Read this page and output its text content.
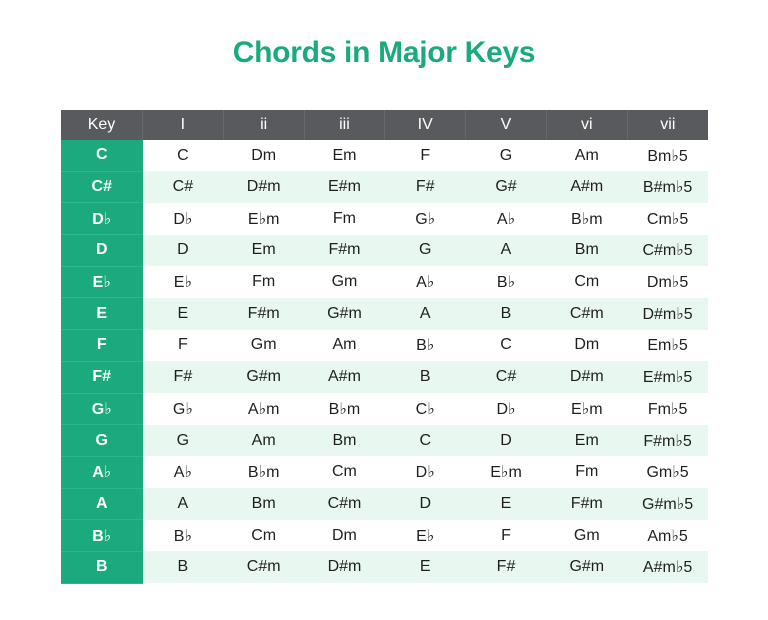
Chords in Major Keys
Key	I	ii	iii	IV	V	vi	vii
C	C	Dm	Em	F	G	Am	Bm♭5
C#	C#	D#m	E#m	F#	G#	A#m	B#m♭5
D♭	D♭	E♭m	Fm	G♭	A♭	B♭m	Cm♭5
D	D	Em	F#m	G	A	Bm	C#m♭5
E♭	E♭	Fm	Gm	A♭	B♭	Cm	Dm♭5
E	E	F#m	G#m	A	B	C#m	D#m♭5
F	F	Gm	Am	B♭	C	Dm	Em♭5
F#	F#	G#m	A#m	B	C#	D#m	E#m♭5
G♭	G♭	A♭m	B♭m	C♭	D♭	E♭m	Fm♭5
G	G	Am	Bm	C	D	Em	F#m♭5
A♭	A♭	B♭m	Cm	D♭	E♭m	Fm	Gm♭5
A	A	Bm	C#m	D	E	F#m	G#m♭5
B♭	B♭	Cm	Dm	E♭	F	Gm	Am♭5
B	B	C#m	D#m	E	F#	G#m	A#m♭5
